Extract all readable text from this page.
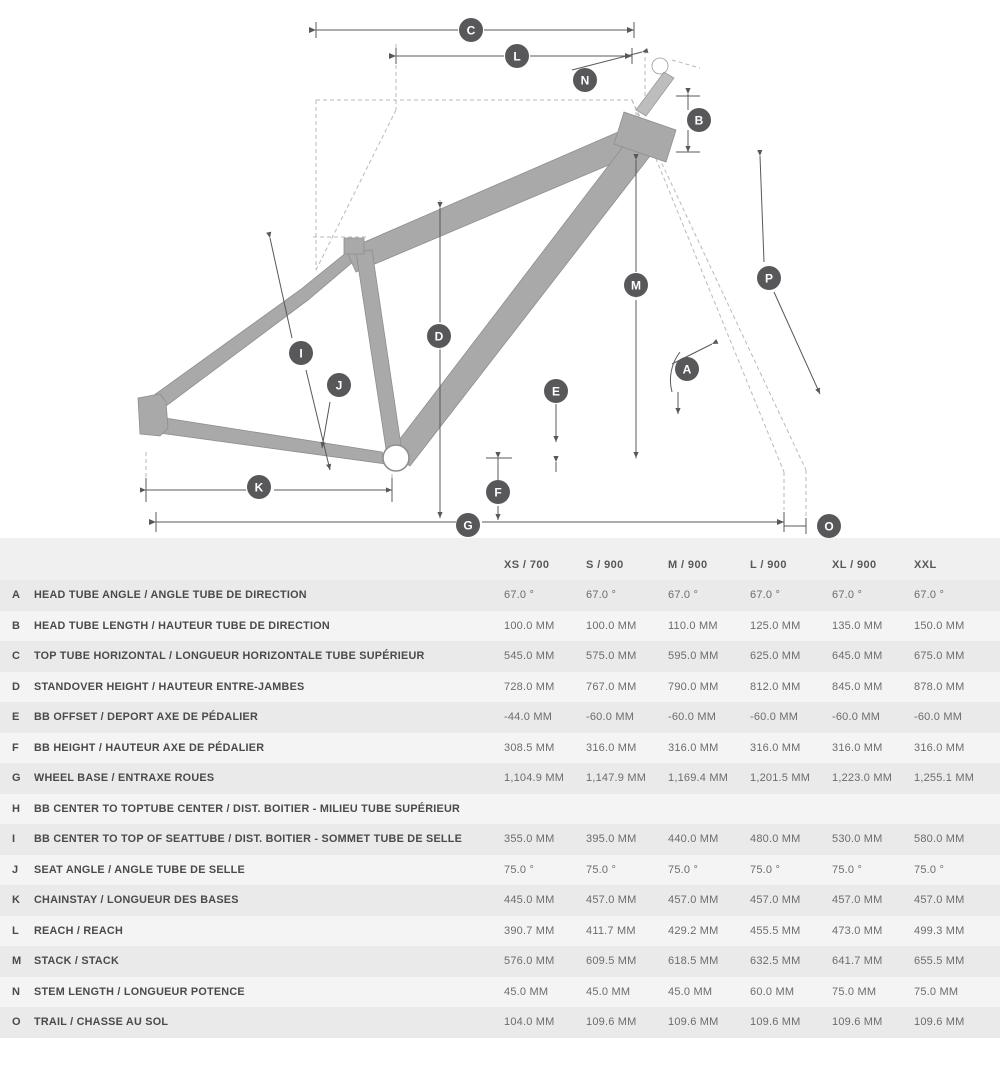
C
L
N
B
P
M
D
I
J
A
E
K	F
G	O
		XS / 700	S / 900	M / 900	L / 900	XL / 900	XXL
A	HEAD TUBE ANGLE / ANGLE TUBE DE DIRECTION	67.0 °	67.0 °	67.0 °	67.0 °	67.0 °	67.0 °
B	HEAD TUBE LENGTH / HAUTEUR TUBE DE DIRECTION	100.0 MM	100.0 MM	110.0 MM	125.0 MM	135.0 MM	150.0 MM
C	TOP TUBE HORIZONTAL / LONGUEUR HORIZONTALE TUBE SUPÉRIEUR	545.0 MM	575.0 MM	595.0 MM	625.0 MM	645.0 MM	675.0 MM
D	STANDOVER HEIGHT / HAUTEUR ENTRE-JAMBES	728.0 MM	767.0 MM	790.0 MM	812.0 MM	845.0 MM	878.0 MM
E	BB OFFSET / DEPORT AXE DE PÉDALIER	-44.0 MM	-60.0 MM	-60.0 MM	-60.0 MM	-60.0 MM	-60.0 MM
F	BB HEIGHT / HAUTEUR AXE DE PÉDALIER	308.5 MM	316.0 MM	316.0 MM	316.0 MM	316.0 MM	316.0 MM
G	WHEEL BASE / ENTRAXE ROUES	1,104.9 MM	1,147.9 MM	1,169.4 MM	1,201.5 MM	1,223.0 MM	1,255.1 MM
H	BB CENTER TO TOPTUBE CENTER / DIST. BOITIER - MILIEU TUBE SUPÉRIEUR						
I	BB CENTER TO TOP OF SEATTUBE / DIST. BOITIER - SOMMET TUBE DE SELLE	355.0 MM	395.0 MM	440.0 MM	480.0 MM	530.0 MM	580.0 MM
J	SEAT ANGLE / ANGLE TUBE DE SELLE	75.0 °	75.0 °	75.0 °	75.0 °	75.0 °	75.0 °
K	CHAINSTAY / LONGUEUR DES BASES	445.0 MM	457.0 MM	457.0 MM	457.0 MM	457.0 MM	457.0 MM
L	REACH / REACH	390.7 MM	411.7 MM	429.2 MM	455.5 MM	473.0 MM	499.3 MM
M	STACK / STACK	576.0 MM	609.5 MM	618.5 MM	632.5 MM	641.7 MM	655.5 MM
N	STEM LENGTH / LONGUEUR POTENCE	45.0 MM	45.0 MM	45.0 MM	60.0 MM	75.0 MM	75.0 MM
O	TRAIL / CHASSE AU SOL	104.0 MM	109.6 MM	109.6 MM	109.6 MM	109.6 MM	109.6 MM
